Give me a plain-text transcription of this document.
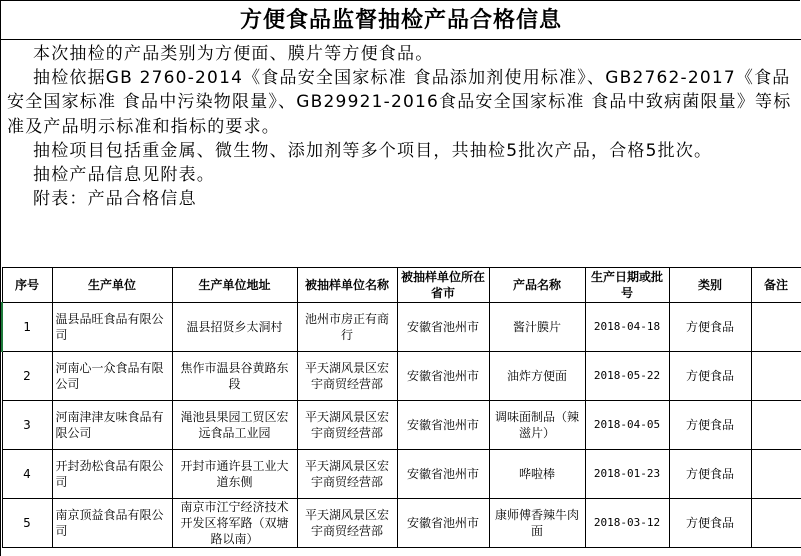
方便食品监督抽检产品合格信息

本次抽检的产品类别为方便面、膜片等方便食品。

抽检依据GB 2760-2014《食品安全国家标准 食品添加剂使用标准》、GB2762-2017《食品安全国家标准 食品中污染物限量》、GB29921-2016食品安全国家标准 食品中致病菌限量》等标准及产品明示标准和指标的要求。

抽检项目包括重金属、微生物、添加剂等多个项目，共抽检5批次产品，合格5批次。

抽检产品信息见附表。

附表：产品合格信息

序号	生产单位	生产单位地址	被抽样单位名称	被抽样单位所在省市	产品名称	生产日期或批号	类别	备注
1	温县品旺食品有限公司	温县招贤乡太洞村	池州市房正有商行	安徽省池州市	酱汁膜片	2018-04-18	方便食品	
2	河南心一众食品有限公司	焦作市温县谷黄路东段	平天湖风景区宏宇商贸经营部	安徽省池州市	油炸方便面	2018-05-22	方便食品	
3	河南津津友味食品有限公司	渑池县果园工贸区宏远食品工业园	平天湖风景区宏宇商贸经营部	安徽省池州市	调味面制品（辣滋片）	2018-04-05	方便食品	
4	开封劲松食品有限公司	开封市通许县工业大道东侧	平天湖风景区宏宇商贸经营部	安徽省池州市	哗啦棒	2018-01-23	方便食品	
5	南京顶益食品有限公司	南京市江宁经济技术开发区将军路（双塘路以南）	平天湖风景区宏宇商贸经营部	安徽省池州市	康师傅香辣牛肉面	2018-03-12	方便食品	
